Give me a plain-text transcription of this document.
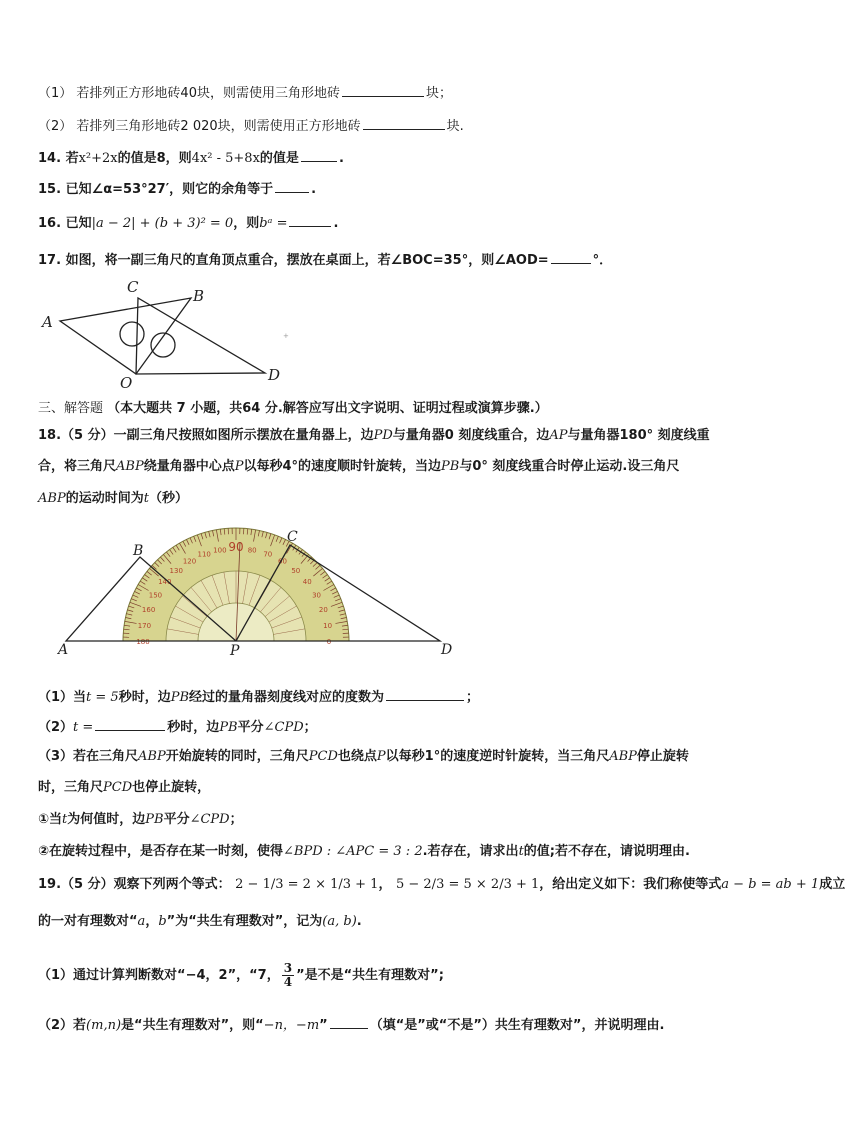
（1） 若排列正方形地砖40块，则需使用三角形地砖	块；
（2） 若排列三角形地砖2 020块，则需使用正方形地砖	块.
14. 若x²+2x的值是8，则4x² - 5+8x的值是	.
15. 已知∠α=53°27′，则它的余角等于	.
16. 已知|a − 2| + (b + 3)² = 0，则bᵃ =	.
17. 如图，将一副三角尺的直角顶点重合，摆放在桌面上，若∠BOC=35°，则∠AOD=	°．
A
B
C
O	D
+
三、解答题 （本大题共 7 小题，共64 分.解答应写出文字说明、证明过程或演算步骤.）
18.（5 分）一副三角尺按照如图所示摆放在量角器上，边PD与量角器0 刻度线重合，边AP与量角器180° 刻度线重
合，将三角尺ABP绕量角器中心点P以每秒4°的速度顺时针旋转，当边PB与0° 刻度线重合时停止运动.设三角尺
ABP的运动时间为t（秒）
0
10
20
30
40
50
60
70
80
90
100
110
120
130
140
150
160
170
180
A
B
C
P	D
（1）当t = 5秒时，边PB经过的量角器刻度线对应的度数为	；
（2）t =	秒时，边PB平分∠CPD；
（3）若在三角尺ABP开始旋转的同时，三角尺PCD也绕点P以每秒1°的速度逆时针旋转，当三角尺ABP停止旋转
时，三角尺PCD也停止旋转，
①当t为何值时，边PB平分∠CPD；
②在旋转过程中，是否存在某一时刻，使得∠BPD : ∠APC = 3 : 2.若存在，请求出t的值;若不存在，请说明理由.
19.（5 分）观察下列两个等式： 2 − 1/3 = 2 × 1/3 + 1， 5 − 2/3 = 5 × 2/3 + 1，给出定义如下：我们称使等式a − b = ab + 1成立
的一对有理数对“a，b”为“共生有理数对”，记为(a, b).
（1）通过计算判断数对“−4，2”，“7， $\frac{3}{4}$ ”是不是“共生有理数对”;
（2）若(m,n)是“共生有理数对”，则“−n，−m”	（填“是”或“不是”）共生有理数对”，并说明理由.
